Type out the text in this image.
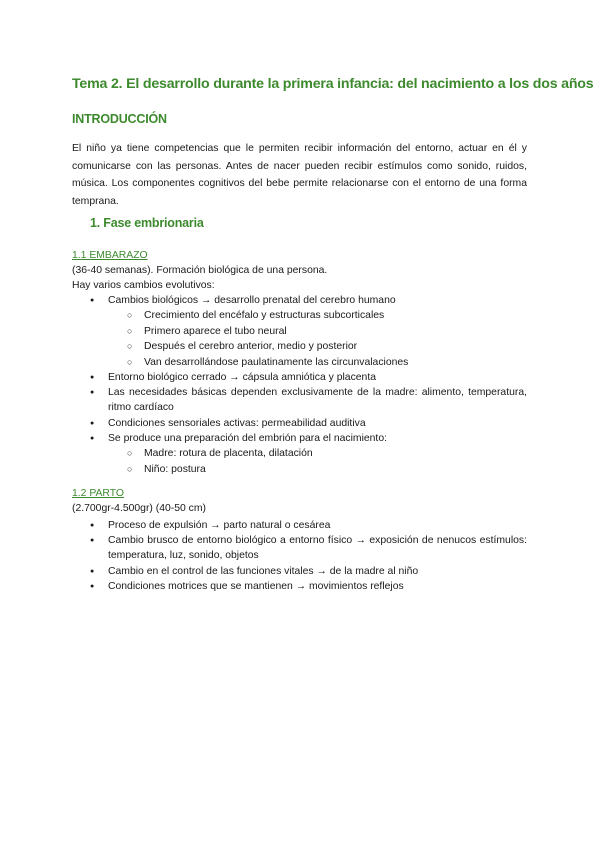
Tema 2. El desarrollo durante la primera infancia: del nacimiento a los dos años
INTRODUCCIÓN

El niño ya tiene competencias que le permiten recibir información del entorno, actuar en él y comunicarse con las personas. Antes de nacer pueden recibir estímulos como sonido, ruidos, música. Los componentes cognitivos del bebe permite relacionarse con el entorno de una forma temprana.

1. Fase embrionaria

1.1 EMBARAZO

(36-40 semanas). Formación biológica de una persona.

Hay varios cambios evolutivos:

● Cambios biológicos → desarrollo prenatal del cerebro humano

○ Crecimiento del encéfalo y estructuras subcorticales

○ Primero aparece el tubo neural

○ Después el cerebro anterior, medio y posterior

○ Van desarrollándose paulatinamente las circunvalaciones

● Entorno biológico cerrado → cápsula amniótica y placenta

● Las necesidades básicas dependen exclusivamente de la madre: alimento, temperatura, ritmo cardíaco

● Condiciones sensoriales activas: permeabilidad auditiva

● Se produce una preparación del embrión para el nacimiento:

○ Madre: rotura de placenta, dilatación

○ Niño: postura

1.2 PARTO

(2.700gr-4.500gr) (40-50 cm)

● Proceso de expulsión → parto natural o cesárea

● Cambio brusco de entorno biológico a entorno físico → exposición de nenucos estímulos: temperatura, luz, sonido, objetos

● Cambio en el control de las funciones vitales → de la madre al niño

● Condiciones motrices que se mantienen → movimientos reflejos
